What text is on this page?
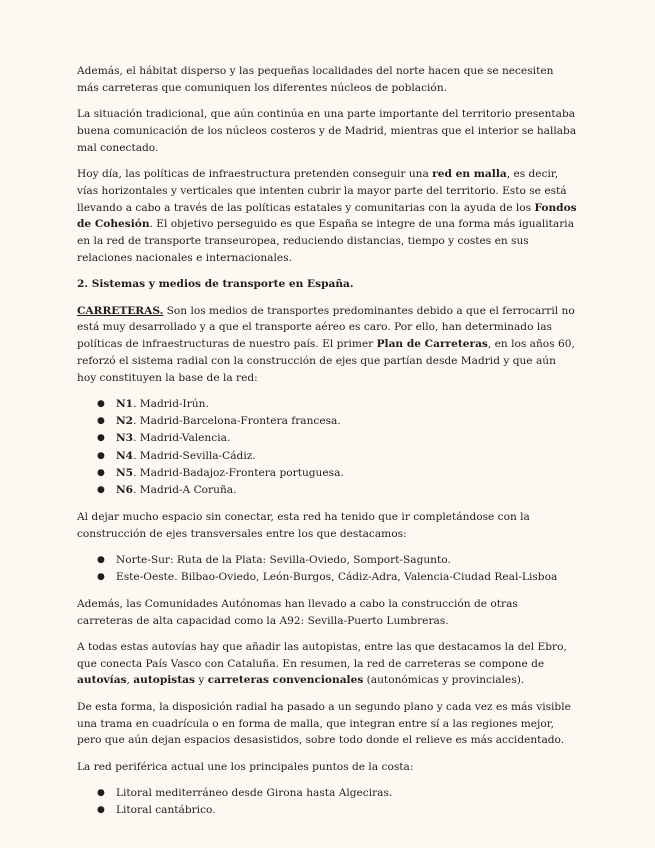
Además, el hábitat disperso y las pequeñas localidades del norte hacen que se necesiten más carreteras que comuniquen los diferentes núcleos de población.

La situación tradicional, que aún continúa en una parte importante del territorio presentaba buena comunicación de los núcleos costeros y de Madrid, mientras que el interior se hallaba mal conectado.

Hoy día, las políticas de infraestructura pretenden conseguir una red en malla, es decir, vías horizontales y verticales que intenten cubrir la mayor parte del territorio. Esto se está llevando a cabo a través de las políticas estatales y comunitarias con la ayuda de los Fondos de Cohesión. El objetivo perseguido es que España se integre de una forma más igualitaria en la red de transporte transeuropea, reduciendo distancias, tiempo y costes en sus relaciones nacionales e internacionales.

2. Sistemas y medios de transporte en España.

CARRETERAS. Son los medios de transportes predominantes debido a que el ferrocarril no está muy desarrollado y a que el transporte aéreo es caro. Por ello, han determinado las políticas de infraestructuras de nuestro país. El primer Plan de Carreteras, en los años 60, reforzó el sistema radial con la construcción de ejes que partían desde Madrid y que aún hoy constituyen la base de la red:

● N1. Madrid-Irún.
● N2. Madrid-Barcelona-Frontera francesa.
● N3. Madrid-Valencia.
● N4. Madrid-Sevilla-Cádiz.
● N5. Madrid-Badajoz-Frontera portuguesa.
● N6. Madrid-A Coruña.

Al dejar mucho espacio sin conectar, esta red ha tenido que ir completándose con la construcción de ejes transversales entre los que destacamos:

● Norte-Sur: Ruta de la Plata: Sevilla-Oviedo, Somport-Sagunto.
● Este-Oeste. Bilbao-Oviedo, León-Burgos, Cádiz-Adra, Valencia-Ciudad Real-Lisboa

Además, las Comunidades Autónomas han llevado a cabo la construcción de otras carreteras de alta capacidad como la A92: Sevilla-Puerto Lumbreras.

A todas estas autovías hay que añadir las autopistas, entre las que destacamos la del Ebro, que conecta País Vasco con Cataluña. En resumen, la red de carreteras se compone de autovías, autopistas y carreteras convencionales (autonómicas y provinciales).

De esta forma, la disposición radial ha pasado a un segundo plano y cada vez es más visible una trama en cuadrícula o en forma de malla, que integran entre sí a las regiones mejor, pero que aún dejan espacios desasistidos, sobre todo donde el relieve es más accidentado.

La red periférica actual une los principales puntos de la costa:

● Litoral mediterráneo desde Girona hasta Algeciras.
● Litoral cantábrico.
